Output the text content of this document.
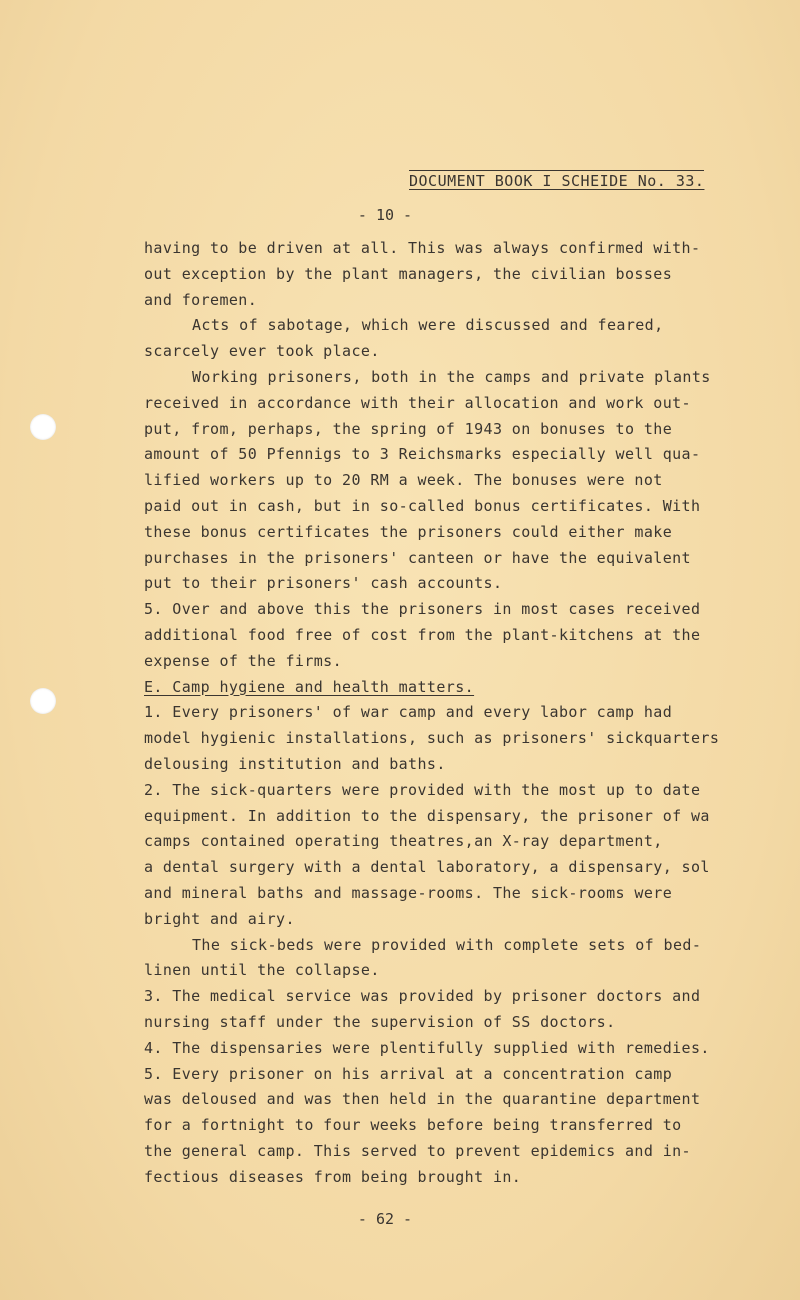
DOCUMENT BOOK I SCHEIDE No. 33.
- 10 -
having to be driven at all. This was always confirmed with-
out exception by the plant managers, the civilian bosses
and foremen.
Acts of sabotage, which were discussed and feared,
scarcely ever took place.
Working prisoners, both in the camps and private plants
received in accordance with their allocation and work out-
put, from, perhaps, the spring of 1943 on bonuses to the
amount of 50 Pfennigs to 3 Reichsmarks especially well qua-
lified workers up to 20 RM a week. The bonuses were not
paid out in cash, but in so-called bonus certificates. With
these bonus certificates the prisoners could either make
purchases in the prisoners' canteen or have the equivalent
put to their prisoners' cash accounts.
5. Over and above this the prisoners in most cases received
additional food free of cost from the plant-kitchens at the
expense of the firms.
E. Camp hygiene and health matters.
1. Every prisoners' of war camp and every labor camp had
model hygienic installations, such as prisoners' sickquarters
delousing institution and baths.
2. The sick-quarters were provided with the most up to date
equipment. In addition to the dispensary, the prisoner of wa
camps contained operating theatres,an X-ray department,
a dental surgery with a dental laboratory, a dispensary, sol
and mineral baths and massage-rooms. The sick-rooms were
bright and airy.
The sick-beds were provided with complete sets of bed-
linen until the collapse.
3. The medical service was provided by prisoner doctors and
nursing staff under the supervision of SS doctors.
4. The dispensaries were plentifully supplied with remedies.
5. Every prisoner on his arrival at a concentration camp
was deloused and was then held in the quarantine department
for a fortnight to four weeks before being transferred to
the general camp. This served to prevent epidemics and in-
fectious diseases from being brought in.
- 62 -
